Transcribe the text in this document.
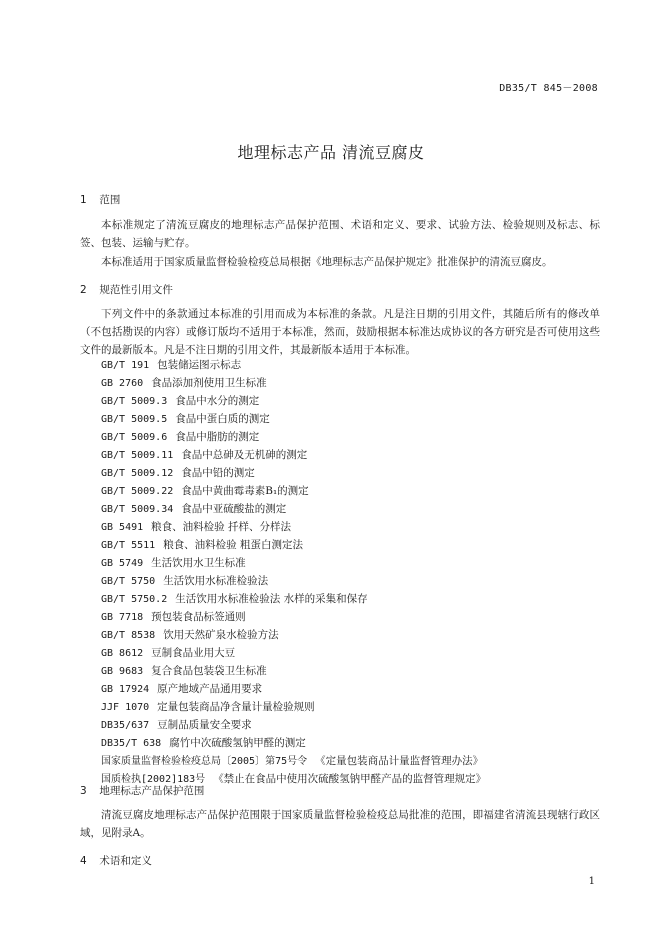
DB35/T 845－2008
地理标志产品 清流豆腐皮
1 范围
本标准规定了清流豆腐皮的地理标志产品保护范围、术语和定义、要求、试验方法、检验规则及标志、标签、包装、运输与贮存。
本标准适用于国家质量监督检验检疫总局根据《地理标志产品保护规定》批准保护的清流豆腐皮。
2 规范性引用文件
下列文件中的条款通过本标准的引用而成为本标准的条款。凡是注日期的引用文件，其随后所有的修改单（不包括勘误的内容）或修订版均不适用于本标准，然而，鼓励根据本标准达成协议的各方研究是否可使用这些文件的最新版本。凡是不注日期的引用文件，其最新版本适用于本标准。
GB/T 191 包装储运图示标志
GB 2760 食品添加剂使用卫生标准
GB/T 5009.3 食品中水分的测定
GB/T 5009.5 食品中蛋白质的测定
GB/T 5009.6 食品中脂肪的测定
GB/T 5009.11 食品中总砷及无机砷的测定
GB/T 5009.12 食品中铅的测定
GB/T 5009.22 食品中黄曲霉毒素B₁的测定
GB/T 5009.34 食品中亚硫酸盐的测定
GB 5491 粮食、油料检验 扦样、分样法
GB/T 5511 粮食、油料检验 粗蛋白测定法
GB 5749 生活饮用水卫生标准
GB/T 5750 生活饮用水标准检验法
GB/T 5750.2 生活饮用水标准检验法 水样的采集和保存
GB 7718 预包装食品标签通则
GB/T 8538 饮用天然矿泉水检验方法
GB 8612 豆制食品业用大豆
GB 9683 复合食品包装袋卫生标准
GB 17924 原产地域产品通用要求
JJF 1070 定量包装商品净含量计量检验规则
DB35/637 豆制品质量安全要求
DB35/T 638 腐竹中次硫酸氢钠甲醛的测定
国家质量监督检验检疫总局〔2005〕第75号令 《定量包装商品计量监督管理办法》
国质检执[2002]183号 《禁止在食品中使用次硫酸氢钠甲醛产品的监督管理规定》
3 地理标志产品保护范围
清流豆腐皮地理标志产品保护范围限于国家质量监督检验检疫总局批准的范围，即福建省清流县现辖行政区域，见附录A。
4 术语和定义
1
